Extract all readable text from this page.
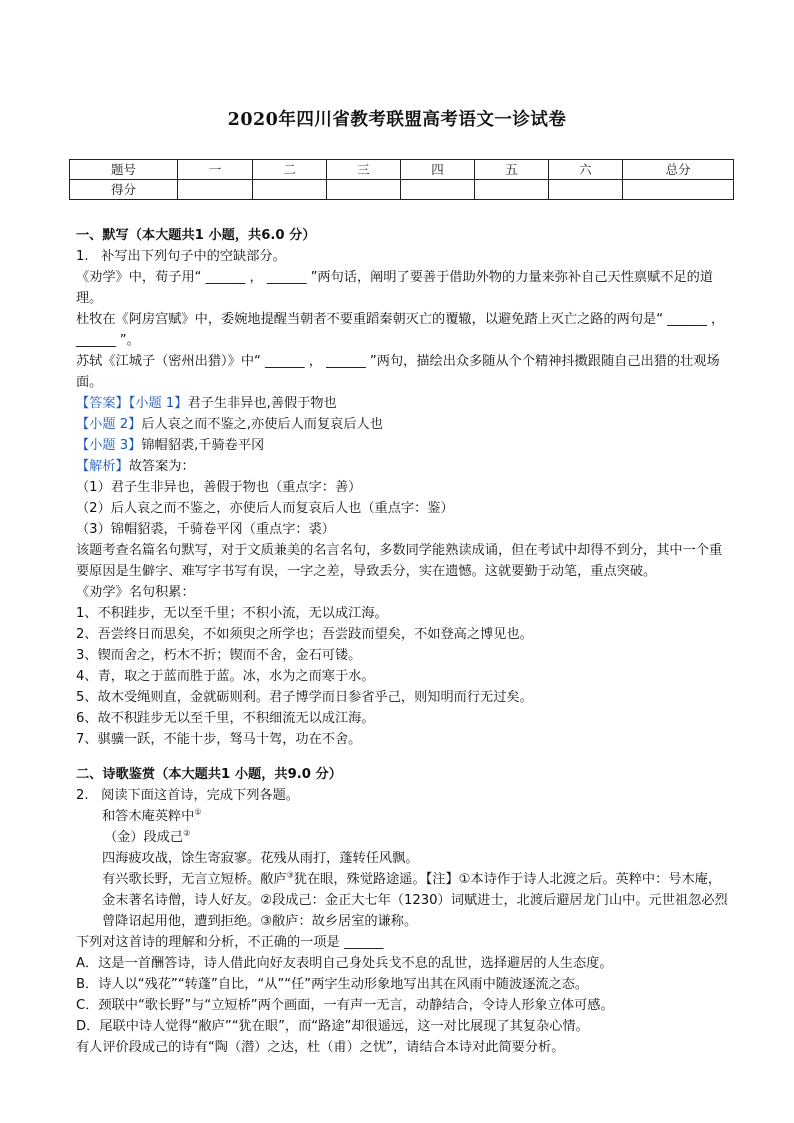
2020年四川省教考联盟高考语文一诊试卷
题号	一	二	三	四	五	六	总分
得分							
一、默写（本大题共1 小题，共6.0 分）
1. 补写出下列句子中的空缺部分。
《劝学》中，荀子用“ ______ ， ______ ”两句话，阐明了要善于借助外物的力量来弥补自己天性禀赋不足的道理。
杜牧在《阿房宫赋》中，委婉地提醒当朝者不要重蹈秦朝灭亡的覆辙，以避免踏上灭亡之路的两句是“ ______ ， ______ ”。
苏轼《江城子（密州出猎）》中“ ______ ， ______ ”两句，描绘出众多随从个个精神抖擞跟随自己出猎的壮观场面。
【答案】【小题 1】君子生非异也,善假于物也
【小题 2】后人哀之而不鉴之,亦使后人而复哀后人也
【小题 3】锦帽貂裘,千骑卷平冈
【解析】故答案为：
（1）君子生非异也，善假于物也（重点字：善）
（2）后人哀之而不鉴之，亦使后人而复哀后人也（重点字：鉴）
（3）锦帽貂裘，千骑卷平冈（重点字：裘）
该题考查名篇名句默写，对于文质兼美的名言名句，多数同学能熟读成诵，但在考试中却得不到分，其中一个重要原因是生僻字、难写字书写有误，一字之差，导致丢分，实在遗憾。这就要勤于动笔，重点突破。
《劝学》名句积累：
1、不积跬步，无以至千里；不积小流，无以成江海。
2、吾尝终日而思矣，不如须臾之所学也；吾尝跂而望矣，不如登高之博见也。
3、锲而舍之，朽木不折；锲而不舍，金石可镂。
4、青，取之于蓝而胜于蓝。冰，水为之而寒于水。
5、故木受绳则直，金就砺则利。君子博学而日参省乎己，则知明而行无过矣。
6、故不积跬步无以至千里，不积细流无以成江海。
7、骐骥一跃，不能十步，驽马十驾，功在不舍。
二、诗歌鉴赏（本大题共1 小题，共9.0 分）
2. 阅读下面这首诗，完成下列各题。
和答木庵英粹中①
（金）段成己②
四海疲攻战，馀生寄寂寥。花残从雨打，蓬转任风飘。
有兴歌长野，无言立短桥。敝庐③犹在眼，殊觉路途遥。【注】①本诗作于诗人北渡之后。英粹中：号木庵，金末著名诗僧，诗人好友。②段成己：金正大七年（1230）词赋进士，北渡后避居龙门山中。元世祖忽必烈曾降诏起用他，遭到拒绝。③敝庐：故乡居室的谦称。
下列对这首诗的理解和分析，不正确的一项是 ______
A．这是一首酬答诗，诗人借此向好友表明自己身处兵戈不息的乱世，选择避居的人生态度。
B．诗人以“残花”“转蓬”自比，“从”“任”两字生动形象地写出其在风雨中随波逐流之态。
C．颈联中“歌长野”与“立短桥”两个画面，一有声一无言，动静结合，令诗人形象立体可感。
D．尾联中诗人觉得“敝庐”“犹在眼”，而“路途”却很遥远，这一对比展现了其复杂心情。
有人评价段成己的诗有“陶（潜）之达，杜（甫）之忧”，请结合本诗对此简要分析。
